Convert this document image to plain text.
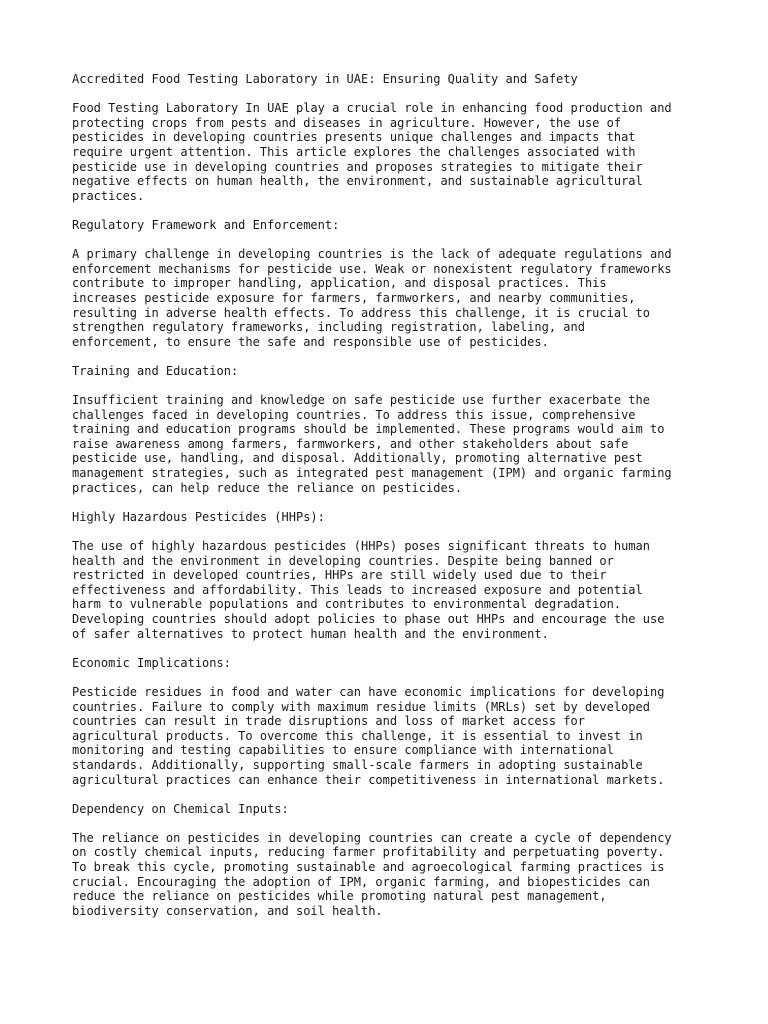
Accredited Food Testing Laboratory in UAE: Ensuring Quality and Safety

Food Testing Laboratory In UAE play a crucial role in enhancing food production and
protecting crops from pests and diseases in agriculture. However, the use of
pesticides in developing countries presents unique challenges and impacts that
require urgent attention. This article explores the challenges associated with
pesticide use in developing countries and proposes strategies to mitigate their
negative effects on human health, the environment, and sustainable agricultural
practices.

Regulatory Framework and Enforcement:

A primary challenge in developing countries is the lack of adequate regulations and
enforcement mechanisms for pesticide use. Weak or nonexistent regulatory frameworks
contribute to improper handling, application, and disposal practices. This
increases pesticide exposure for farmers, farmworkers, and nearby communities,
resulting in adverse health effects. To address this challenge, it is crucial to
strengthen regulatory frameworks, including registration, labeling, and
enforcement, to ensure the safe and responsible use of pesticides.

Training and Education:

Insufficient training and knowledge on safe pesticide use further exacerbate the
challenges faced in developing countries. To address this issue, comprehensive
training and education programs should be implemented. These programs would aim to
raise awareness among farmers, farmworkers, and other stakeholders about safe
pesticide use, handling, and disposal. Additionally, promoting alternative pest
management strategies, such as integrated pest management (IPM) and organic farming
practices, can help reduce the reliance on pesticides.

Highly Hazardous Pesticides (HHPs):

The use of highly hazardous pesticides (HHPs) poses significant threats to human
health and the environment in developing countries. Despite being banned or
restricted in developed countries, HHPs are still widely used due to their
effectiveness and affordability. This leads to increased exposure and potential
harm to vulnerable populations and contributes to environmental degradation.
Developing countries should adopt policies to phase out HHPs and encourage the use
of safer alternatives to protect human health and the environment.

Economic Implications:

Pesticide residues in food and water can have economic implications for developing
countries. Failure to comply with maximum residue limits (MRLs) set by developed
countries can result in trade disruptions and loss of market access for
agricultural products. To overcome this challenge, it is essential to invest in
monitoring and testing capabilities to ensure compliance with international
standards. Additionally, supporting small-scale farmers in adopting sustainable
agricultural practices can enhance their competitiveness in international markets.

Dependency on Chemical Inputs:

The reliance on pesticides in developing countries can create a cycle of dependency
on costly chemical inputs, reducing farmer profitability and perpetuating poverty.
To break this cycle, promoting sustainable and agroecological farming practices is
crucial. Encouraging the adoption of IPM, organic farming, and biopesticides can
reduce the reliance on pesticides while promoting natural pest management,
biodiversity conservation, and soil health.
